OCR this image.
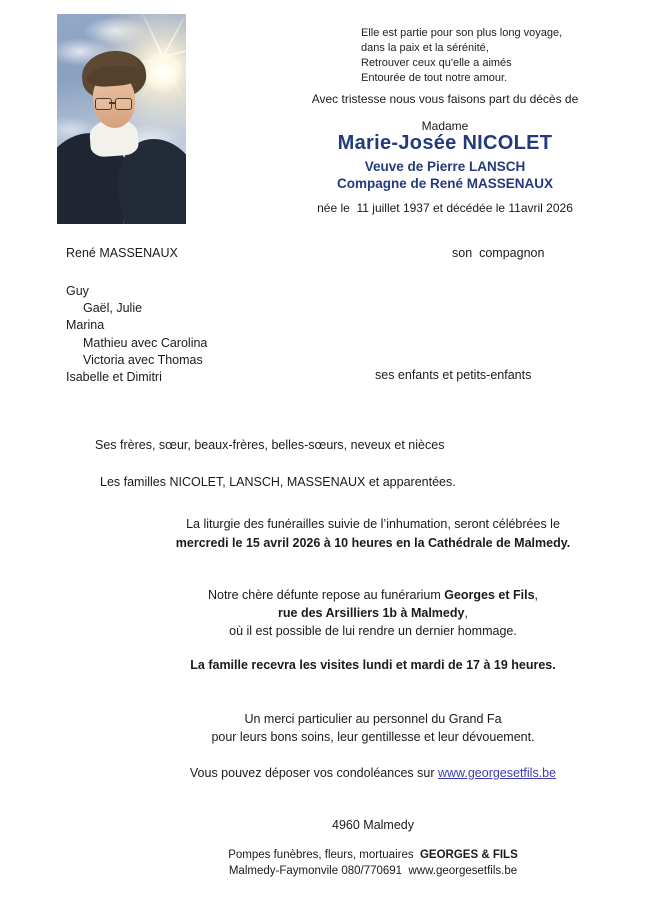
Elle est partie pour son plus long voyage,
dans la paix et la sérénité,
Retrouver ceux qu'elle a aimés
Entourée de tout notre amour.
Avec tristesse nous vous faisons part du décès de
Madame
Marie-Josée NICOLET
Veuve de Pierre LANSCH
Compagne de René MASSENAUX
née le  11 juillet 1937 et décédée le 11avril 2026
René MASSENAUX	son  compagnon
Guy
Gaël, Julie
Marina
Mathieu avec Carolina
Victoria avec Thomas
Isabelle et Dimitri	ses enfants et petits-enfants
Ses frères, sœur, beaux-frères, belles-sœurs, neveux et nièces
Les familles NICOLET, LANSCH, MASSENAUX et apparentées.
La liturgie des funérailles suivie de l’inhumation, seront célébrées le
mercredi le 15 avril 2026 à 10 heures en la Cathédrale de Malmedy.
Notre chère défunte repose au funérarium Georges et Fils,
rue des Arsilliers 1b à Malmedy,
où il est possible de lui rendre un dernier hommage.
La famille recevra les visites lundi et mardi de 17 à 19 heures.
Un merci particulier au personnel du Grand Fa
pour leurs bons soins, leur gentillesse et leur dévouement.
Vous pouvez déposer vos condoléances sur www.georgesetfils.be
4960 Malmedy
Pompes funèbres, fleurs, mortuaires  GEORGES & FILS
Malmedy-Faymonvile 080/770691  www.georgesetfils.be
